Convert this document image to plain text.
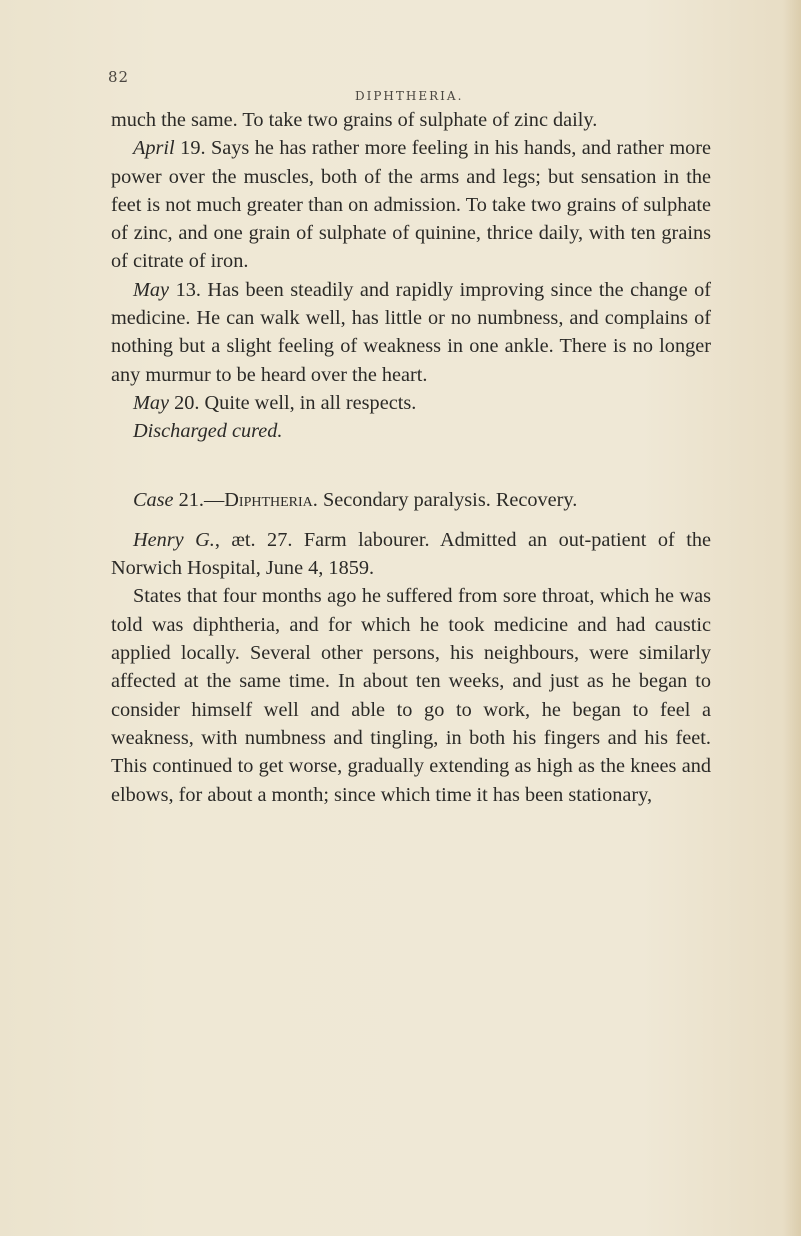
82

DIPHTHERIA.

much the same. To take two grains of sulphate of zinc daily.

April 19. Says he has rather more feeling in his hands, and rather more power over the muscles, both of the arms and legs; but sensation in the feet is not much greater than on admission. To take two grains of sulphate of zinc, and one grain of sulphate of quinine, thrice daily, with ten grains of citrate of iron.

May 13. Has been steadily and rapidly improving since the change of medicine. He can walk well, has little or no numbness, and complains of nothing but a slight feeling of weakness in one ankle. There is no longer any murmur to be heard over the heart.

May 20. Quite well, in all respects.

Discharged cured.

Case 21.—Diphtheria. Secondary paralysis. Recovery.

Henry G., æt. 27. Farm labourer. Admitted an out-patient of the Norwich Hospital, June 4, 1859.

States that four months ago he suffered from sore throat, which he was told was diphtheria, and for which he took medicine and had caustic applied locally. Several other persons, his neighbours, were similarly affected at the same time. In about ten weeks, and just as he began to consider himself well and able to go to work, he began to feel a weakness, with numbness and tingling, in both his fingers and his feet. This continued to get worse, gradually extending as high as the knees and elbows, for about a month; since which time it has been stationary,
